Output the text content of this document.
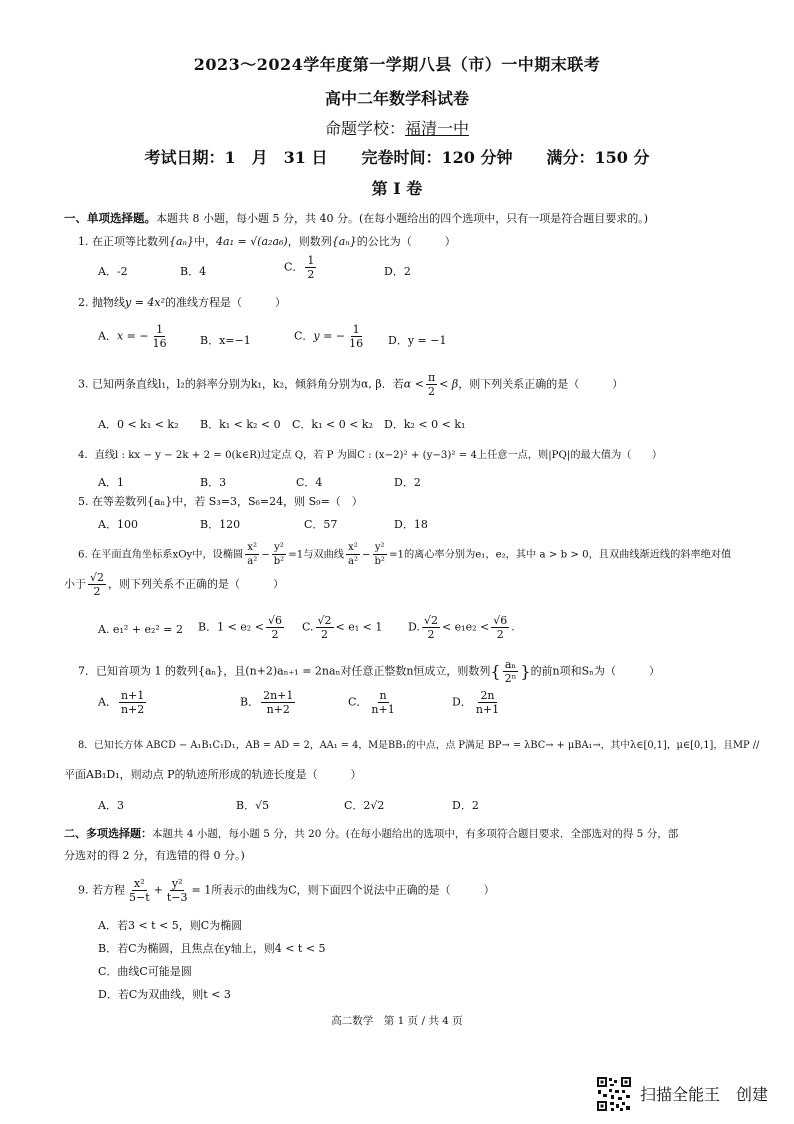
2023～2024学年度第一学期八县（市）一中期末联考
高中二年数学科试卷
命题学校：福清一中
考试日期：1　月　31 日 完卷时间：120 分钟 满分：150 分
第 I 卷
一、单项选择题。本题共 8 小题，每小题 5 分，共 40 分。(在每小题给出的四个选项中，只有一项是符合题目要求的。)
1. 在正项等比数列{aₙ}中，4a₁ = √(a₂a₆)，则数列{aₙ}的公比为（　　　）
A．-2	B．4	C． $\frac{1}{2}$	D．2
2. 抛物线y = 4x²的准线方程是（　　　）
A．x = − $\frac{1}{16}$	B．x=−1	C．y = − $\frac{1}{16}$ D．y = −1
3. 已知两条直线l₁，l₂的斜率分别为k₁，k₂，倾斜角分别为α, β．若$\alpha < \frac{\pi}{2} < \beta$，则下列关系正确的是（　　　）
A．0 < k₁ < k₂ B．k₁ < k₂ < 0 C．k₁ < 0 < k₂ D．k₂ < 0 < k₁
4．直线l : kx − y − 2k + 2 = 0(k∈R)过定点 Q，若 P 为圆C : (x−2)² + (y−3)² = 4上任意一点，则|PQ|的最大值为（　　）
A．1	B．3	C．4	D．2
5. 在等差数列{aₙ}中，若 S₃=3，S₆=24，则 S₉=（　）
A．100	B．120	C．57	D．18
6. 在平面直角坐标系xOy中，设椭圆 $\frac{\text{x²}}{\text{a²}} - \frac{\text{y²}}{\text{b²}} =1$与双曲线 $\frac{\text{x²}}{\text{a²}} - \frac{\text{y²}}{\text{b²}} =1$的离心率分别为e₁，e₂，其中 a > b > 0，且双曲线渐近线的斜率绝对值
小于 $\frac{√2}{2}$ ，则下列关系不正确的是（　　　）
A. e₁² + e₂² = 2 B．$1 < e_2 < \frac{√6}{2} C$. $\frac{√2}{2} < e_1 < 1$ D. $\frac{√2}{2} < e_1e_2 < \frac{√6}{2}$ .
7．已知首项为 1 的数列{aₙ}，且(n+2)aₙ₊₁ = 2naₙ对任意正整数n恒成立，则数列{ $\frac{\text{aₙ}}{\text{2ⁿ}}$ }的前n项和Sₙ为（　　　）
A． $\frac{n+1}{n+2}$	B． $\frac{2n+1}{n+2}$	C． $\frac{n}{n+1}$	D． $\frac{2n}{n+1}$
8．已知长方体 ABCD − A₁B₁C₁D₁，AB = AD = 2，AA₁ = 4，M是BB₁的中点，点 P满足 BP→ = λBC→ + μBA₁→，其中λ∈[0,1]，μ∈[0,1]，且MP //
平面AB₁D₁，则动点 P的轨迹所形成的轨迹长度是（　　　）
A．3	B．√5	C．2√2	D．2
二、多项选择题：本题共 4 小题，每小题 5 分，共 20 分。(在每小题给出的选项中，有多项符合题目要求．全部选对的得 5 分，部
分选对的得 2 分，有选错的得 0 分。)
9. 若方程 $\frac{\text{x²}}{5-t} + \frac{\text{y²}}{t-3} = 1$所表示的曲线为C，则下面四个说法中正确的是（　　　）
A．若3 < t < 5，则C为椭圆
B．若C为椭圆，且焦点在y轴上，则4 < t < 5
C．曲线C可能是圆
D．若C为双曲线，则t < 3
高二数学　第 1 页 / 共 4 页
扫描全能王　创建
